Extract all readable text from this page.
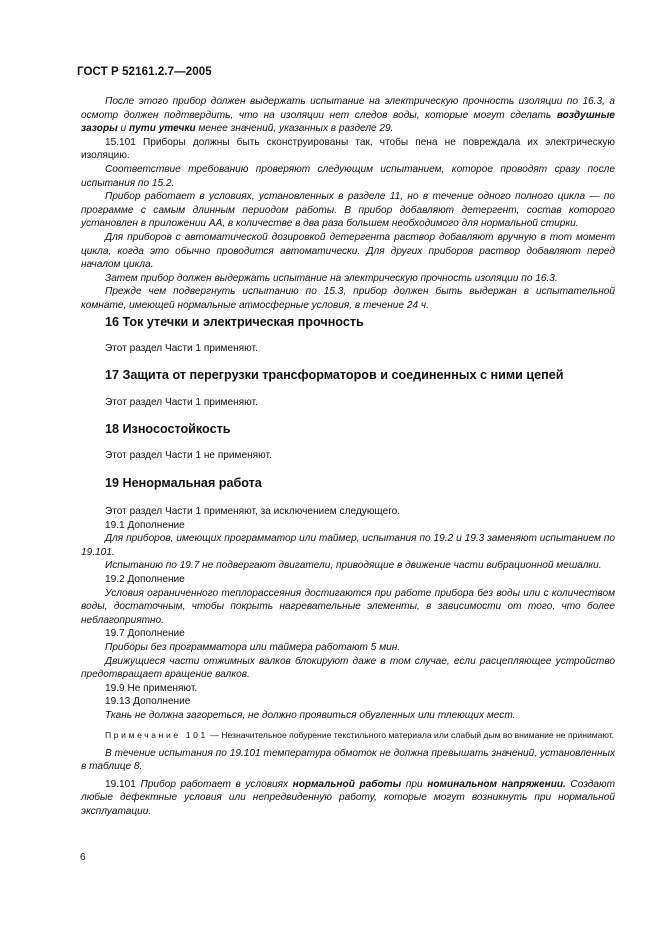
ГОСТ Р 52161.2.7—2005

После этого прибор должен выдержать испытание на электрическую прочность изоляции по 16.3, а осмотр должен подтвердить, что на изоляции нет следов воды, которые могут сделать воздушные зазоры и пути утечки менее значений, указанных в разделе 29.

15.101 Приборы должны быть сконструированы так, чтобы пена не повреждала их электрическую изоляцию.

Соответствие требованию проверяют следующим испытанием, которое проводят сразу после испытания по 15.2.

Прибор работает в условиях, установленных в разделе 11, но в течение одного полного цикла — по программе с самым длинным периодом работы. В прибор добавляют детергент, состав которого установлен в приложении АА, в количестве в два раза большем необходимого для нормальной стирки.

Для приборов с автоматической дозировкой детергента раствор добавляют вручную в тот момент цикла, когда это обычно проводится автоматически. Для других приборов раствор добавляют перед началом цикла.

Затем прибор должен выдержать испытание на электрическую прочность изоляции по 16.3.

Прежде чем подвергнуть испытанию по 15.3, прибор должен быть выдержан в испытательной комнате, имеющей нормальные атмосферные условия, в течение 24 ч.

16 Ток утечки и электрическая прочность
Этот раздел Части 1 применяют.
17 Защита от перегрузки трансформаторов и соединенных с ними цепей
Этот раздел Части 1 применяют.
18 Износостойкость
Этот раздел Части 1 не применяют.
19 Ненормальная работа

Этот раздел Части 1 применяют, за исключением следующего.

19.1 Дополнение

Для приборов, имеющих программатор или таймер, испытания по 19.2 и 19.3 заменяют испытанием по 19.101.

Испытанию по 19.7 не подвергают двигатели, приводящие в движение части вибрационной мешалки.

19.2 Дополнение

Условия ограниченного теплорассеяния достигаются при работе прибора без воды или с количеством воды, достаточным, чтобы покрыть нагревательные элементы, в зависимости от того, что более неблагоприятно.

19.7 Дополнение

Приборы без программатора или таймера работают 5 мин.

Движущиеся части отжимных валков блокируют даже в том случае, если расцепляющее устройство предотвращает вращение валков.

19.9 Не применяют.

19.13 Дополнение

Ткань не должна загореться, не должно проявиться обугленных или тлеющих мест.

Примечание 101 — Незначительное побурение текстильного материала или слабый дым во внимание не принимают.

В течение испытания по 19.101 температура обмоток не должна превышать значений, установленных в таблице 8.

19.101 Прибор работает в условиях нормальной работы при номинальном напряжении. Создают любые дефектные условия или непредвиденную работу, которые могут возникнуть при нормальной эксплуатации.

6
